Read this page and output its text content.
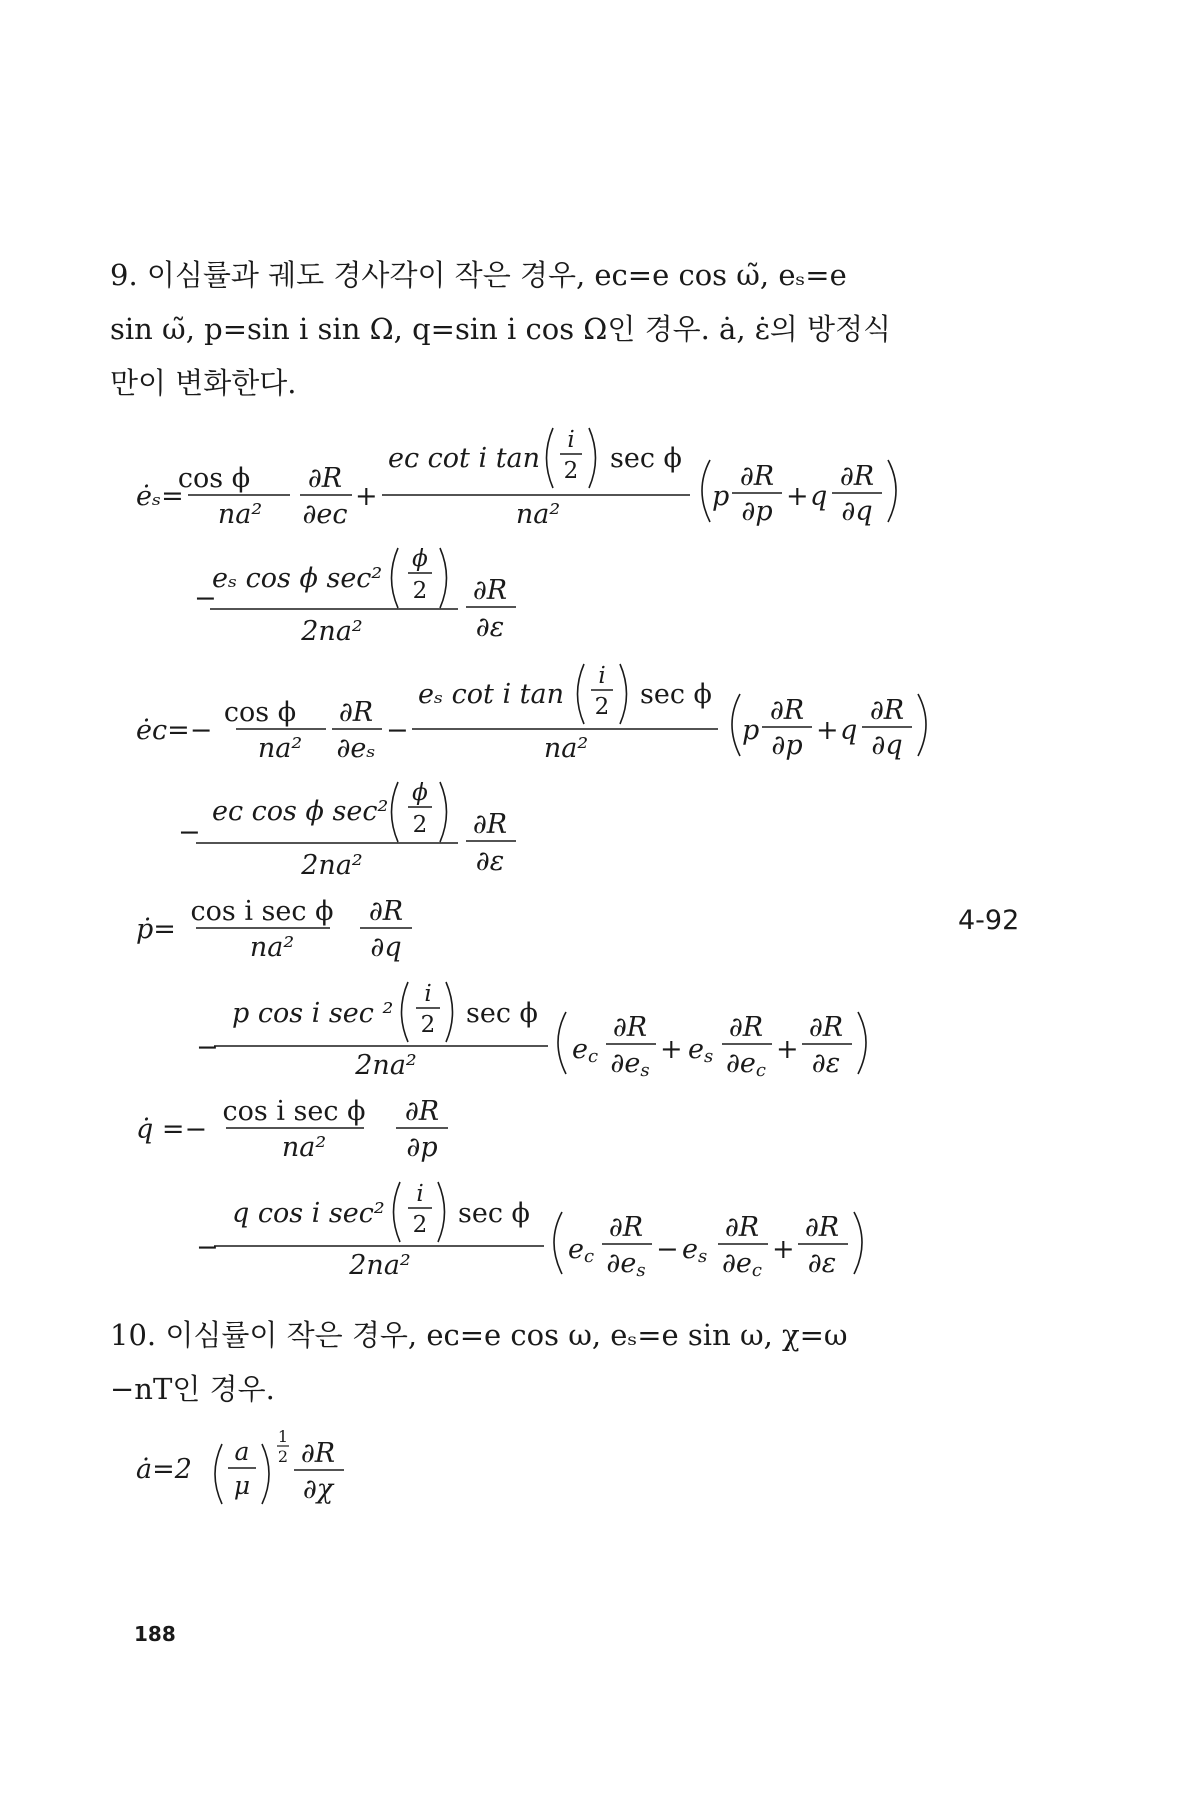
9. 이심률과 궤도 경사각이 작은 경우, eᴄ=e cos ω̃, eₛ=e
sin ω̃, p=sin i sin Ω, q=sin i cos Ω인 경우. ȧ, ε̇의 방정식
만이 변화한다.
ėₛ=
cos ϕ
na²
∂R
∂eᴄ
+
eᴄ cot i tan
i
2 sec ϕ
na²
p
∂R
∂p + q
∂R
∂q
−
eₛ cos ϕ sec²
ϕ
2
2na²
∂R
∂ε
ėᴄ=−
cos ϕ
na²
∂R
∂eₛ
−
eₛ cot i tan
i
2 sec ϕ
na²
p
∂R
∂p + q
∂R
∂q
−
eᴄ cos ϕ sec²
ϕ
2
2na²
∂R
∂ε
ṗ=
cos i sec ϕ
na²
∂R
∂q
−
p cos i sec ²
i
2 sec ϕ
2na²
ec
∂R
∂es
+ es
∂R
∂ec
+
∂R
∂ε
q̇ =−
cos i sec ϕ
na²
∂R
∂p
−
q cos i sec²
i
2 sec ϕ
2na²
ec
∂R
∂es
− es
∂R
∂ec
+
∂R
∂ε
ȧ=2
a
μ
1
2 ∂R
∂χ
4-92
10. 이심률이 작은 경우, eᴄ=e cos ω, eₛ=e sin ω, χ=ω
−nT인 경우.
188
